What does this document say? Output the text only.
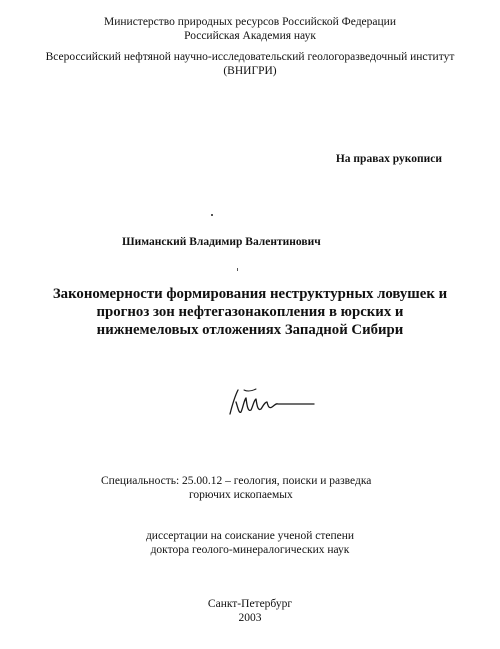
Министерство природных ресурсов Российской Федерации
Российская Академия наук
Всероссийский нефтяной научно-исследовательский геологоразведочный институт
(ВНИГРИ)
На правах рукописи
Шиманский Владимир Валентинович
Закономерности формирования неструктурных ловушек и
прогноз зон нефтегазонакопления в юрских и
нижнемеловых отложениях Западной Сибири
Специальность: 25.00.12 – геология, поиски и разведка
горючих ископаемых
диссертации на соискание ученой степени
доктора геолого-минералогических наук
Санкт-Петербург
2003
